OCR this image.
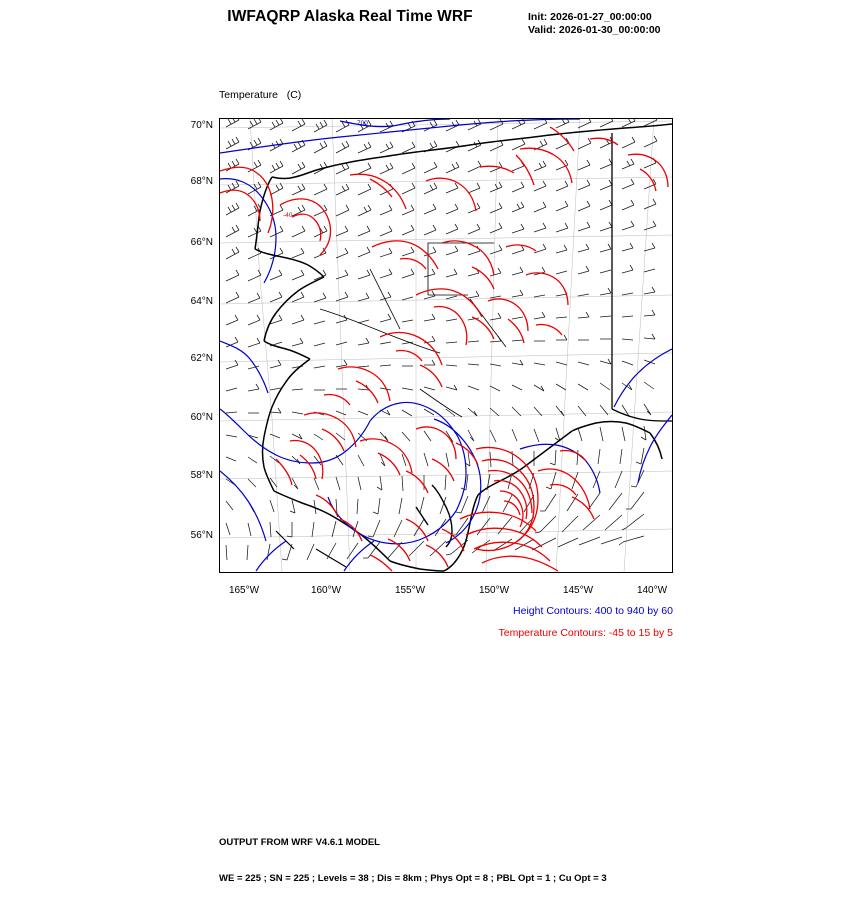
IWFAQRP Alaska Real Time WRF	Init: 2026-01-27_00:00:00
Valid: 2026-01-30_00:00:00

Temperature   (C)

700
-40
70°N
68°N
66°N
64°N
62°N
60°N
58°N
56°N
165°W	160°W	155°W	150°W	145°W	140°W
Height Contours: 400 to 940 by 60
Temperature Contours: -45 to 15 by 5

OUTPUT FROM WRF V4.6.1 MODEL

WE = 225 ; SN = 225 ; Levels = 38 ; Dis = 8km ; Phys Opt = 8 ; PBL Opt = 1 ; Cu Opt = 3
